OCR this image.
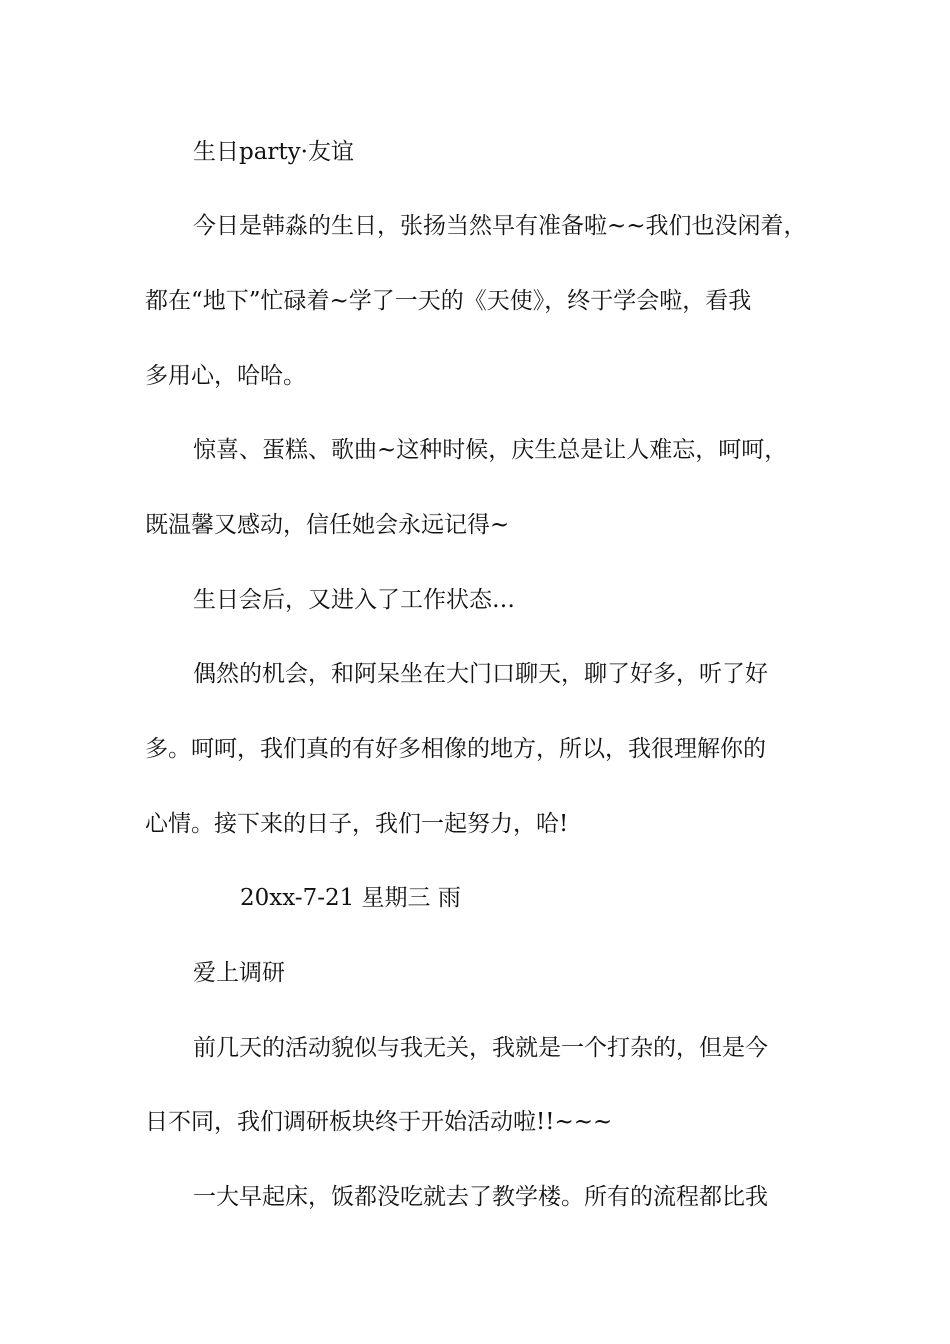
生日party·友谊
今日是韩淼的生日，张扬当然早有准备啦~~我们也没闲着，
都在“地下”忙碌着~学了一天的《天使》，终于学会啦，看我
多用心，哈哈。
惊喜、蛋糕、歌曲~这种时候，庆生总是让人难忘，呵呵，
既温馨又感动，信任她会永远记得~
生日会后，又进入了工作状态…
偶然的机会，和阿呆坐在大门口聊天，聊了好多，听了好
多。呵呵，我们真的有好多相像的地方，所以，我很理解你的
心情。接下来的日子，我们一起努力，哈!
20xx-7-21 星期三 雨
爱上调研
前几天的活动貌似与我无关，我就是一个打杂的，但是今
日不同，我们调研板块终于开始活动啦!!~~~
一大早起床，饭都没吃就去了教学楼。所有的流程都比我
